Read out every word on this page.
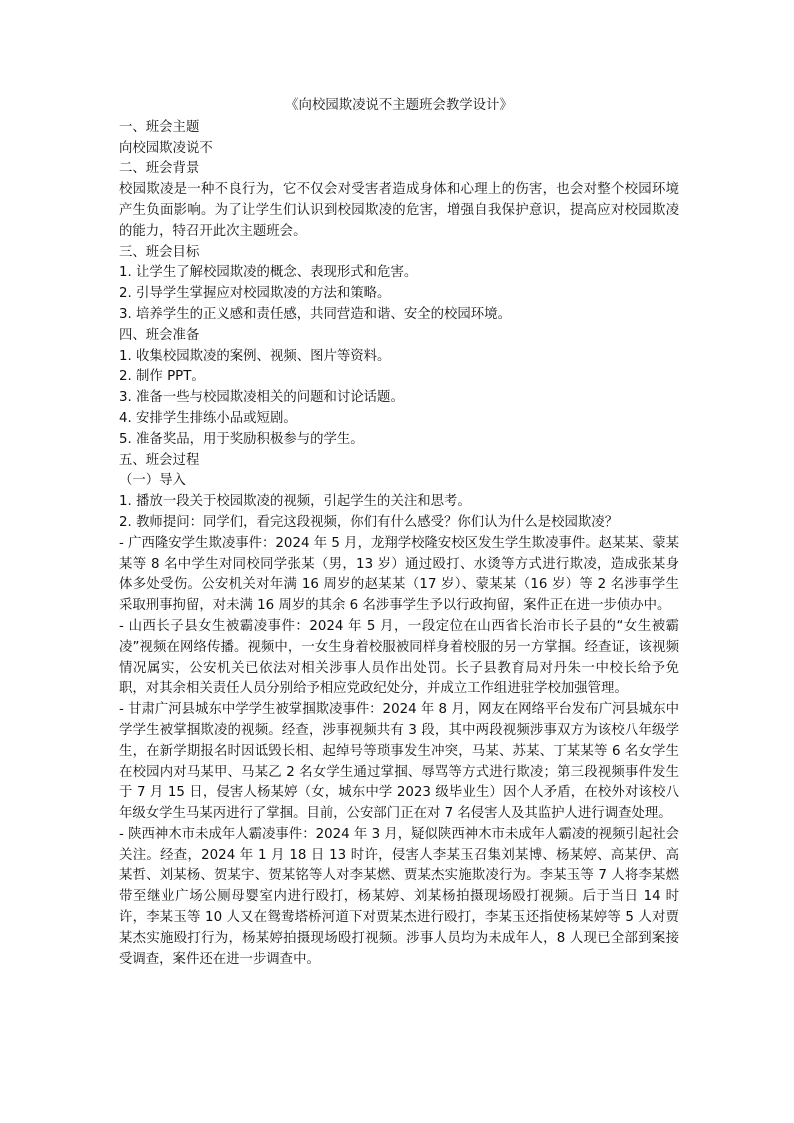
《向校园欺凌说不主题班会教学设计》

一、班会主题

向校园欺凌说不

二、班会背景

校园欺凌是一种不良行为，它不仅会对受害者造成身体和心理上的伤害，也会对整个校园环境产生负面影响。为了让学生们认识到校园欺凌的危害，增强自我保护意识，提高应对校园欺凌的能力，特召开此次主题班会。

三、班会目标

1. 让学生了解校园欺凌的概念、表现形式和危害。

2. 引导学生掌握应对校园欺凌的方法和策略。

3. 培养学生的正义感和责任感，共同营造和谐、安全的校园环境。

四、班会准备

1. 收集校园欺凌的案例、视频、图片等资料。

2. 制作 PPT。

3. 准备一些与校园欺凌相关的问题和讨论话题。

4. 安排学生排练小品或短剧。

5. 准备奖品，用于奖励积极参与的学生。

五、班会过程

（一）导入

1. 播放一段关于校园欺凌的视频，引起学生的关注和思考。

2. 教师提问：同学们，看完这段视频，你们有什么感受？你们认为什么是校园欺凌？

- 广西隆安学生欺凌事件：2024 年 5 月，龙翔学校隆安校区发生学生欺凌事件。赵某某、蒙某某等 8 名中学生对同校同学张某（男，13 岁）通过殴打、水烫等方式进行欺凌，造成张某身体多处受伤。公安机关对年满 16 周岁的赵某某（17 岁）、蒙某某（16 岁）等 2 名涉事学生采取刑事拘留，对未满 16 周岁的其余 6 名涉事学生予以行政拘留，案件正在进一步侦办中。

- 山西长子县女生被霸凌事件：2024 年 5 月，一段定位在山西省长治市长子县的“女生被霸凌”视频在网络传播。视频中，一女生身着校服被同样身着校服的另一方掌掴。经查证，该视频情况属实，公安机关已依法对相关涉事人员作出处罚。长子县教育局对丹朱一中校长给予免职，对其余相关责任人员分别给予相应党政纪处分，并成立工作组进驻学校加强管理。

- 甘肃广河县城东中学学生被掌掴欺凌事件：2024 年 8 月，网友在网络平台发布广河县城东中学学生被掌掴欺凌的视频。经查，涉事视频共有 3 段，其中两段视频涉事双方为该校八年级学生，在新学期报名时因诋毁长相、起绰号等琐事发生冲突，马某、苏某、丁某某等 6 名女学生在校园内对马某甲、马某乙 2 名女学生通过掌掴、辱骂等方式进行欺凌；第三段视频事件发生于 7 月 15 日，侵害人杨某婷（女，城东中学 2023 级毕业生）因个人矛盾，在校外对该校八年级女学生马某丙进行了掌掴。目前，公安部门正在对 7 名侵害人及其监护人进行调查处理。

- 陕西神木市未成年人霸凌事件：2024 年 3 月，疑似陕西神木市未成年人霸凌的视频引起社会关注。经查，2024 年 1 月 18 日 13 时许，侵害人李某玉召集刘某博、杨某婷、高某伊、高某哲、刘某杨、贺某宇、贺某铭等人对李某燃、贾某杰实施欺凌行为。李某玉等 7 人将李某燃带至继业广场公厕母婴室内进行殴打，杨某婷、刘某杨拍摄现场殴打视频。后于当日 14 时许，李某玉等 10 人又在鸳鸯塔桥河道下对贾某杰进行殴打，李某玉还指使杨某婷等 5 人对贾某杰实施殴打行为，杨某婷拍摄现场殴打视频。涉事人员均为未成年人，8 人现已全部到案接受调查，案件还在进一步调查中。
